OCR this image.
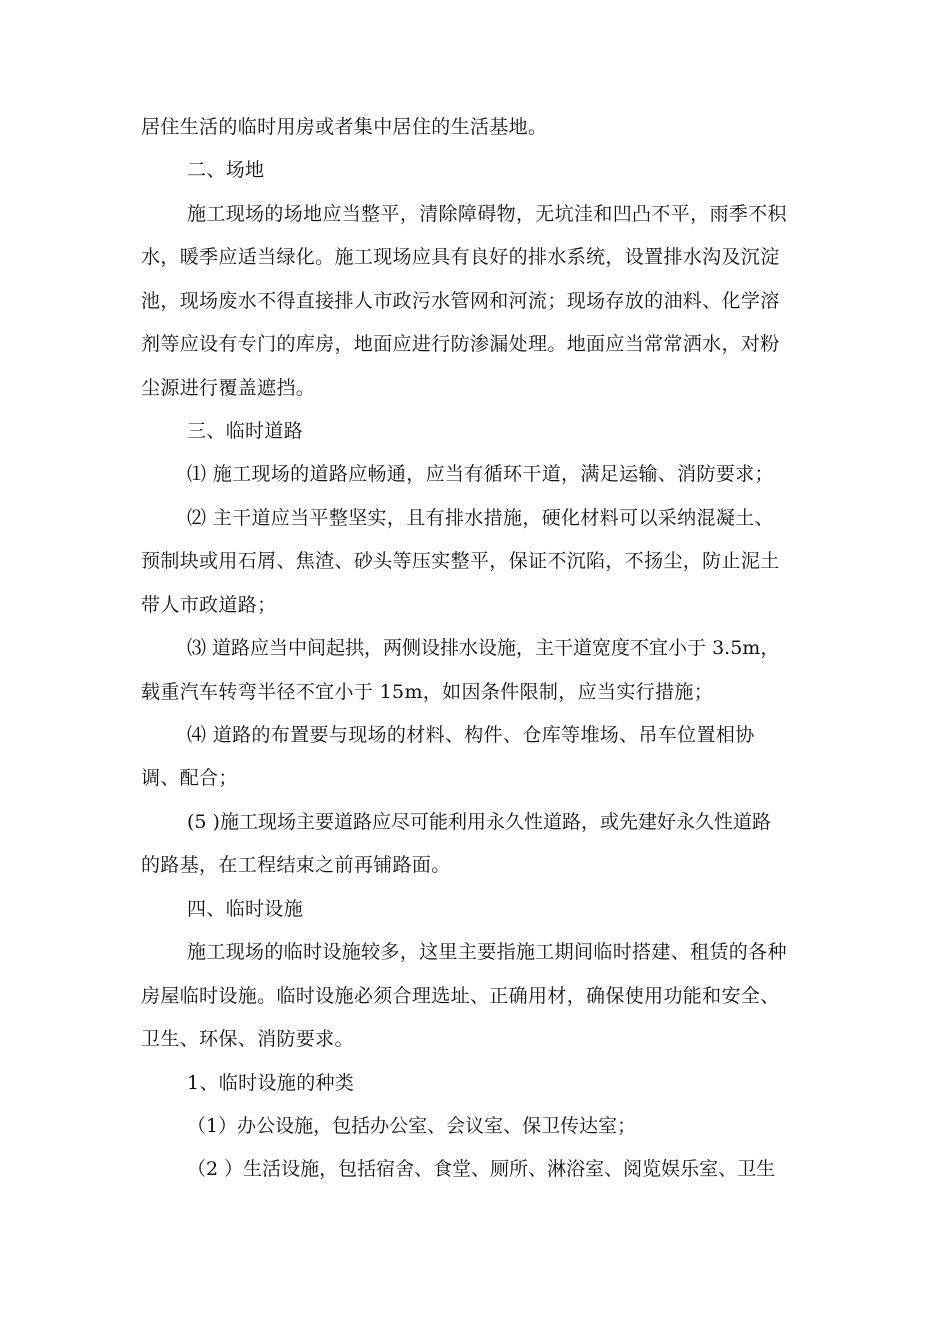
居住生活的临时用房或者集中居住的生活基地。
二、场地
施工现场的场地应当整平，清除障碍物，无坑洼和凹凸不平，雨季不积
水，暖季应适当绿化。施工现场应具有良好的排水系统，设置排水沟及沉淀
池，现场废水不得直接排人市政污水管网和河流；现场存放的油料、化学溶
剂等应设有专门的库房，地面应进行防渗漏处理。地面应当常常洒水，对粉
尘源进行覆盖遮挡。
三、临时道路
⑴ 施工现场的道路应畅通，应当有循环干道，满足运输、消防要求；
⑵ 主干道应当平整坚实，且有排水措施，硬化材料可以采纳混凝土、
预制块或用石屑、焦渣、砂头等压实整平，保证不沉陷，不扬尘，防止泥土
带人市政道路；
⑶ 道路应当中间起拱，两侧设排水设施，主干道宽度不宜小于 3.5m，
载重汽车转弯半径不宜小于 15m，如因条件限制，应当实行措施；
⑷ 道路的布置要与现场的材料、构件、仓库等堆场、吊车位置相协
调、配合；
(5 )施工现场主要道路应尽可能利用永久性道路，或先建好永久性道路
的路基，在工程结束之前再铺路面。
四、临时设施
施工现场的临时设施较多，这里主要指施工期间临时搭建、租赁的各种
房屋临时设施。临时设施必须合理选址、正确用材，确保使用功能和安全、
卫生、环保、消防要求。
1、临时设施的种类
（1）办公设施，包括办公室、会议室、保卫传达室；
（2 ）生活设施，包括宿舍、食堂、厕所、淋浴室、阅览娱乐室、卫生
